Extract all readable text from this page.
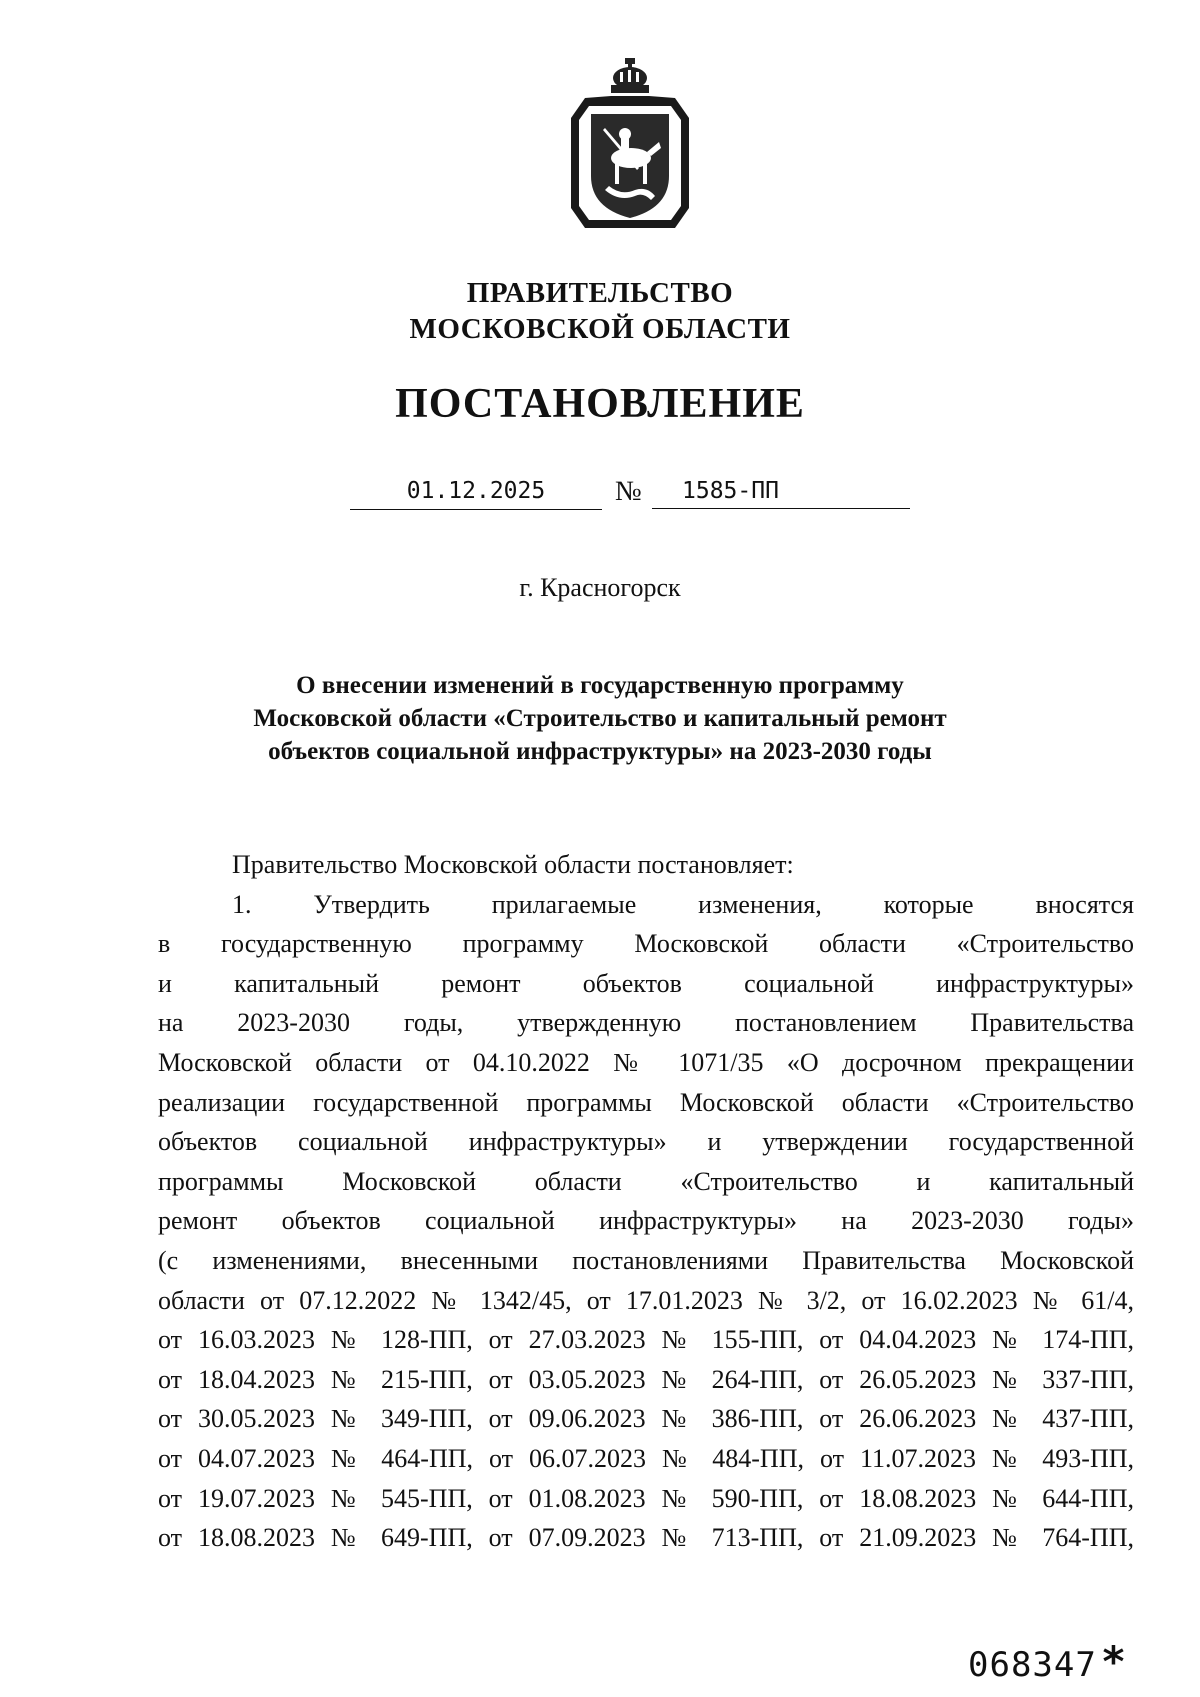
ПРАВИТЕЛЬСТВО
МОСКОВСКОЙ ОБЛАСТИ
ПОСТАНОВЛЕНИЕ
01.12.2025	№	1585-ПП
г. Красногорск
О внесении изменений в государственную программу
Московской области «Строительство и капитальный ремонт
объектов социальной инфраструктуры» на 2023-2030 годы
Правительство Московской области постановляет:
1. Утвердить прилагаемые изменения, которые вносятся
в государственную программу Московской области «Строительство
и капитальный ремонт объектов социальной инфраструктуры»
на 2023-2030 годы, утвержденную постановлением Правительства
Московской области от 04.10.2022 № 1071/35 «О досрочном прекращении
реализации государственной программы Московской области «Строительство
объектов социальной инфраструктуры» и утверждении государственной
программы Московской области «Строительство и капитальный
ремонт объектов социальной инфраструктуры» на 2023-2030 годы»
(с изменениями, внесенными постановлениями Правительства Московской
области от 07.12.2022 № 1342/45, от 17.01.2023 № 3/2, от 16.02.2023 № 61/4,
от 16.03.2023 № 128-ПП, от 27.03.2023 № 155-ПП, от 04.04.2023 № 174-ПП,
от 18.04.2023 № 215-ПП, от 03.05.2023 № 264-ПП, от 26.05.2023 № 337-ПП,
от 30.05.2023 № 349-ПП, от 09.06.2023 № 386-ПП, от 26.06.2023 № 437-ПП,
от 04.07.2023 № 464-ПП, от 06.07.2023 № 484-ПП, от 11.07.2023 № 493-ПП,
от 19.07.2023 № 545-ПП, от 01.08.2023 № 590-ПП, от 18.08.2023 № 644-ПП,
от 18.08.2023 № 649-ПП, от 07.09.2023 № 713-ПП, от 21.09.2023 № 764-ПП,
068347*
